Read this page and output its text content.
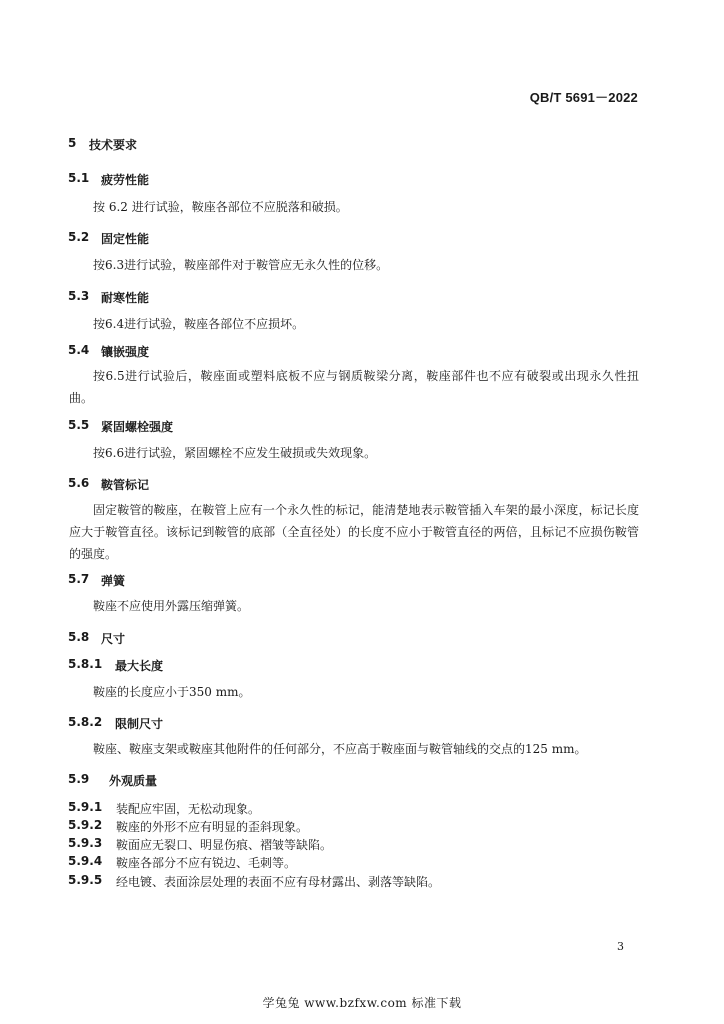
QB/T 5691－2022
5 技术要求
5.1 疲劳性能
按 6.2 进行试验，鞍座各部位不应脱落和破损。
5.2 固定性能
按6.3进行试验，鞍座部件对于鞍管应无永久性的位移。
5.3 耐寒性能
按6.4进行试验，鞍座各部位不应损坏。
5.4 镶嵌强度
按6.5进行试验后，鞍座面或塑料底板不应与钢质鞍梁分离，鞍座部件也不应有破裂或出现永久性扭曲。
5.5 紧固螺栓强度
按6.6进行试验，紧固螺栓不应发生破损或失效现象。
5.6 鞍管标记
固定鞍管的鞍座，在鞍管上应有一个永久性的标记，能清楚地表示鞍管插入车架的最小深度，标记长度应大于鞍管直径。该标记到鞍管的底部（全直径处）的长度不应小于鞍管直径的两倍，且标记不应损伤鞍管的强度。
5.7 弹簧
鞍座不应使用外露压缩弹簧。
5.8 尺寸
5.8.1 最大长度
鞍座的长度应小于350 mm。
5.8.2 限制尺寸
鞍座、鞍座支架或鞍座其他附件的任何部分，不应高于鞍座面与鞍管轴线的交点的125 mm。
5.9 外观质量
5.9.1 装配应牢固，无松动现象。
5.9.2 鞍座的外形不应有明显的歪斜现象。
5.9.3 鞍面应无裂口、明显伤痕、褶皱等缺陷。
5.9.4 鞍座各部分不应有锐边、毛刺等。
5.9.5 经电镀、表面涂层处理的表面不应有母材露出、剥落等缺陷。
3
学兔兔 www.bzfxw.com 标准下载
